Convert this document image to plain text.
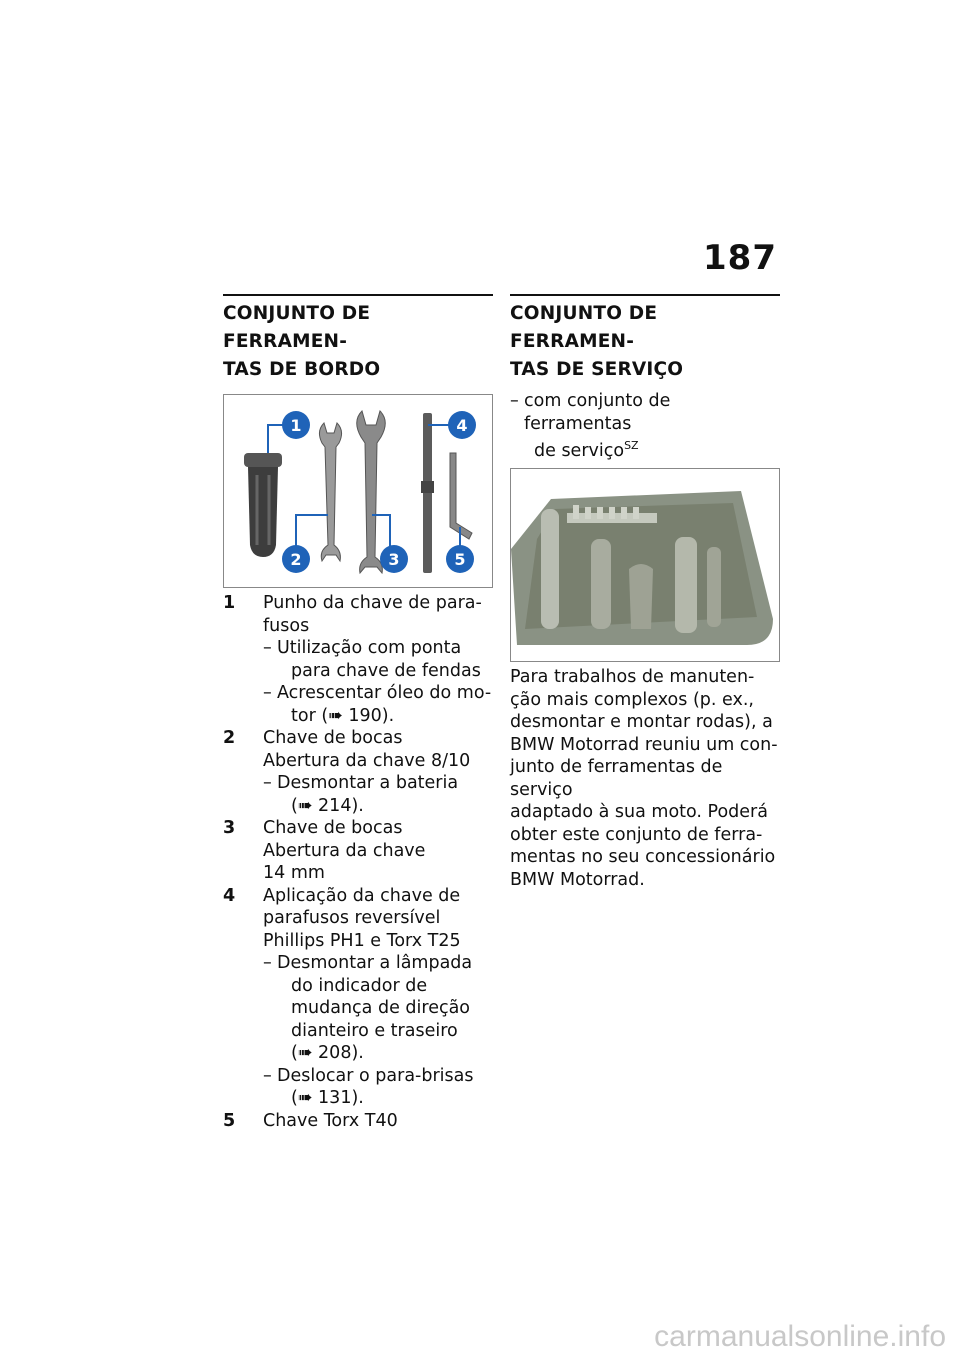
187
CONJUNTO DE FERRAMEN-
TAS DE BORDO
1
2	3
4
5
1	Punho da chave de para-
fusos
– Utilização com ponta
para chave de fendas
– Acrescentar óleo do mo-
tor (➠ 190).
2	Chave de bocas
Abertura da chave 8/10
– Desmontar a bateria
(➠ 214).
3	Chave de bocas
Abertura da chave
14 mm
4	Aplicação da chave de
parafusos reversível
Phillips PH1 e Torx T25
– Desmontar a lâmpada
do indicador de
mudança de direção
dianteiro e traseiro
(➠ 208).
– Deslocar o para-brisas
(➠ 131).
5	Chave Torx T40
CONJUNTO DE FERRAMEN-
TAS DE SERVIÇO
– com conjunto de ferramentas
de serviço$^{SZ}$
Para trabalhos de manuten-
ção mais complexos (p. ex.,
desmontar e montar rodas), a
BMW Motorrad reuniu um con-
junto de ferramentas de serviço
adaptado à sua moto. Poderá
obter este conjunto de ferra-
mentas no seu concessionário
BMW Motorrad.
carmanualsonline.info
